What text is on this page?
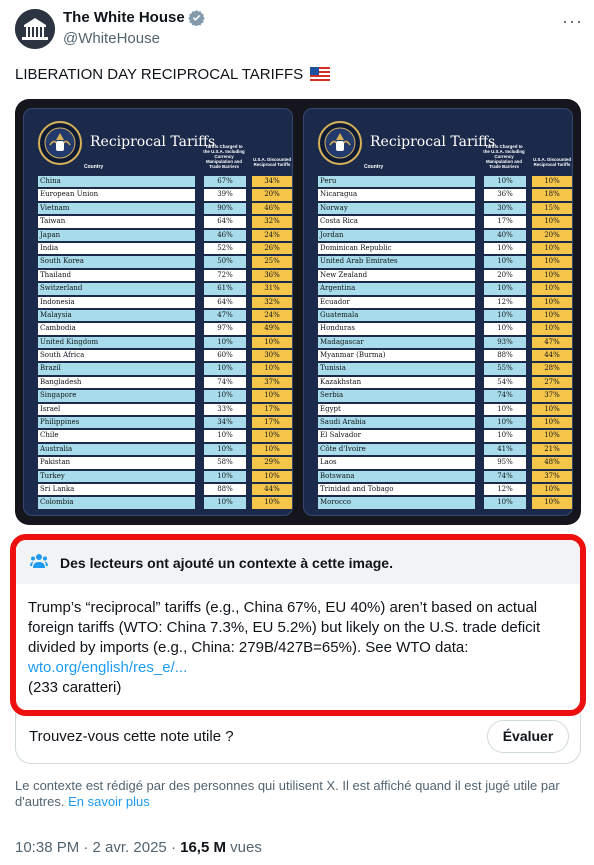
The White House
@WhiteHouse
···
LIBERATION DAY RECIPROCAL TARIFFS
Reciprocal Tariffs
Tariffs Charged to the U.S.A. Including Currency Manipulation and Trade Barriers
U.S.A. Discounted Reciprocal Tariffs
Country
China	67%	34%
European Union	39%	20%
Vietnam	90%	46%
Taiwan	64%	32%
Japan	46%	24%
India	52%	26%
South Korea	50%	25%
Thailand	72%	36%
Switzerland	61%	31%
Indonesia	64%	32%
Malaysia	47%	24%
Cambodia	97%	49%
United Kingdom	10%	10%
South Africa	60%	30%
Brazil	10%	10%
Bangladesh	74%	37%
Singapore	10%	10%
Israel	33%	17%
Philippines	34%	17%
Chile	10%	10%
Australia	10%	10%
Pakistan	58%	29%
Turkey	10%	10%
Sri Lanka	88%	44%
Colombia	10%	10%
Reciprocal Tariffs
Tariffs Charged to the U.S.A. Including Currency Manipulation and Trade Barriers
U.S.A. Discounted Reciprocal Tariffs
Country
Peru	10%	10%
Nicaragua	36%	18%
Norway	30%	15%
Costa Rica	17%	10%
Jordan	40%	20%
Dominican Republic	10%	10%
United Arab Emirates	10%	10%
New Zealand	20%	10%
Argentina	10%	10%
Ecuador	12%	10%
Guatemala	10%	10%
Honduras	10%	10%
Madagascar	93%	47%
Myanmar (Burma)	88%	44%
Tunisia	55%	28%
Kazakhstan	54%	27%
Serbia	74%	37%
Egypt	10%	10%
Saudi Arabia	10%	10%
El Salvador	10%	10%
Côte d'Ivoire	41%	21%
Laos	95%	48%
Botswana	74%	37%
Trinidad and Tobago	12%	10%
Morocco	10%	10%
Des lecteurs ont ajouté un contexte à cette image.
Trump’s “reciprocal” tariffs (e.g., China 67%, EU 40%) aren’t based on actual foreign tariffs (WTO: China 7.3%, EU 5.2%) but likely on the U.S. trade deficit divided by imports (e.g., China: 279B/427B=65%). See WTO data:
wto.org/english/res_e/...
(233 caratteri)
Trouvez-vous cette note utile ?	Évaluer
Le contexte est rédigé par des personnes qui utilisent X. Il est affiché quand il est jugé utile par d'autres. En savoir plus
10:38 PM · 2 avr. 2025 · 16,5 M vues
